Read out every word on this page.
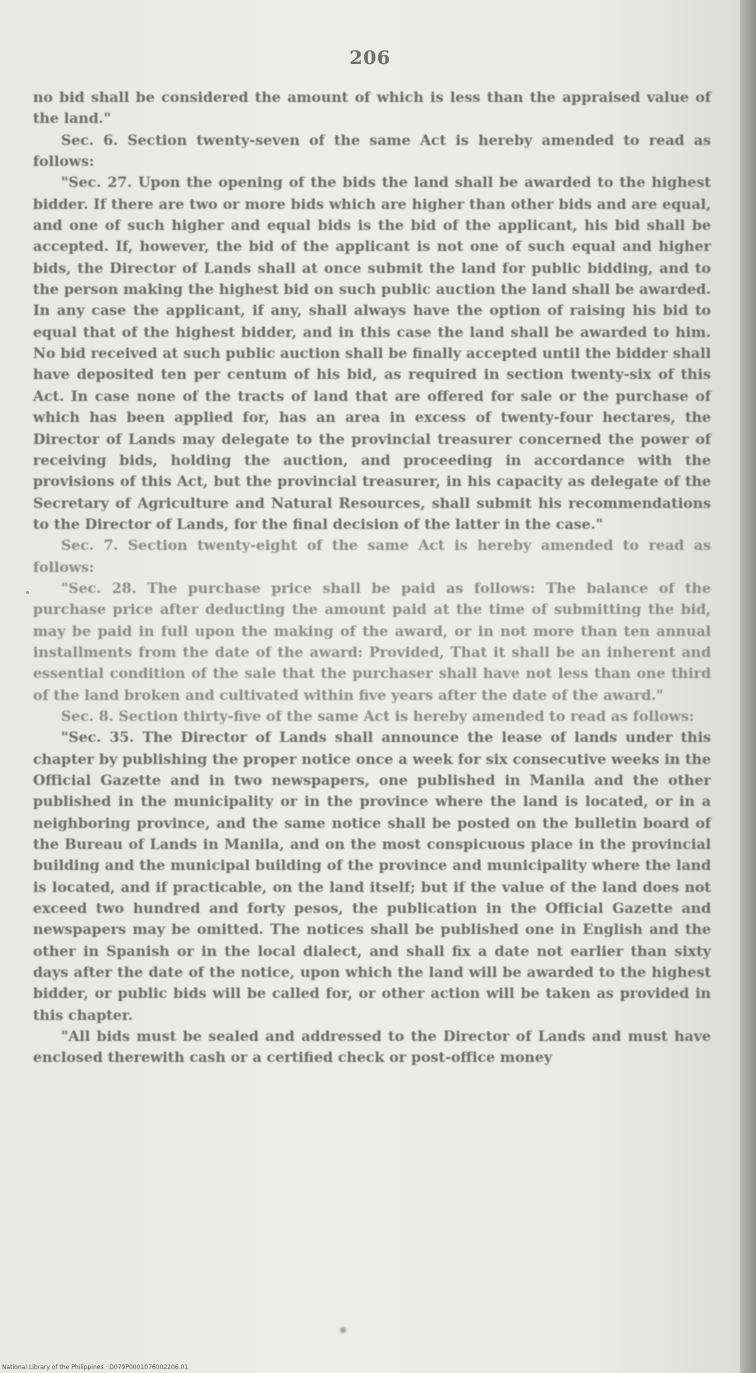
206

no bid shall be considered the amount of which is less than the appraised value of the land."

Sec. 6. Section twenty-seven of the same Act is hereby amended to read as follows:

"Sec. 27. Upon the opening of the bids the land shall be awarded to the highest bidder. If there are two or more bids which are higher than other bids and are equal, and one of such higher and equal bids is the bid of the applicant, his bid shall be accepted. If, however, the bid of the applicant is not one of such equal and higher bids, the Director of Lands shall at once submit the land for public bidding, and to the person making the highest bid on such public auction the land shall be awarded. In any case the applicant, if any, shall always have the option of raising his bid to equal that of the highest bidder, and in this case the land shall be awarded to him. No bid received at such public auction shall be finally accepted until the bidder shall have deposited ten per centum of his bid, as required in section twenty-six of this Act. In case none of the tracts of land that are offered for sale or the purchase of which has been applied for, has an area in excess of twenty-four hectares, the Director of Lands may delegate to the provincial treasurer concerned the power of receiving bids, holding the auction, and proceeding in accordance with the provisions of this Act, but the provincial treasurer, in his capacity as delegate of the Secretary of Agriculture and Natural Resources, shall submit his recommendations to the Director of Lands, for the final decision of the latter in the case."

Sec. 7. Section twenty-eight of the same Act is hereby amended to read as follows:

"Sec. 28. The purchase price shall be paid as follows: The balance of the purchase price after deducting the amount paid at the time of submitting the bid, may be paid in full upon the making of the award, or in not more than ten annual installments from the date of the award: Provided, That it shall be an inherent and essential condition of the sale that the purchaser shall have not less than one third of the land broken and cultivated within five years after the date of the award."

Sec. 8. Section thirty-five of the same Act is hereby amended to read as follows:

"Sec. 35. The Director of Lands shall announce the lease of lands under this chapter by publishing the proper notice once a week for six consecutive weeks in the Official Gazette and in two newspapers, one published in Manila and the other published in the municipality or in the province where the land is located, or in a neighboring province, and the same notice shall be posted on the bulletin board of the Bureau of Lands in Manila, and on the most conspicuous place in the provincial building and the municipal building of the province and municipality where the land is located, and if practicable, on the land itself; but if the value of the land does not exceed two hundred and forty pesos, the publication in the Official Gazette and newspapers may be omitted. The notices shall be published one in English and the other in Spanish or in the local dialect, and shall fix a date not earlier than sixty days after the date of the notice, upon which the land will be awarded to the highest bidder, or public bids will be called for, or other action will be taken as provided in this chapter.

"All bids must be sealed and addressed to the Director of Lands and must have enclosed therewith cash or a certified check or post-office money

National Library of the Philippines · D079P0001076002206.01
